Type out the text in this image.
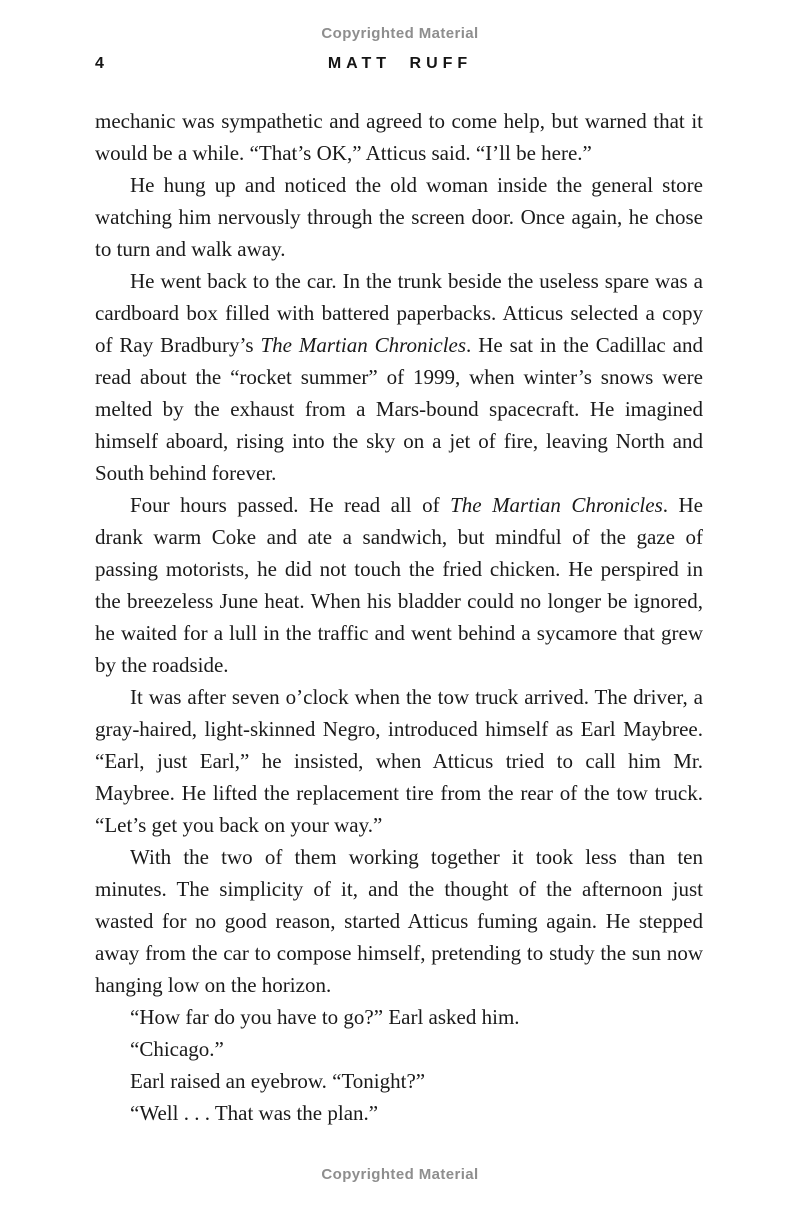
Copyrighted Material
4	MATT RUFF

mechanic was sympathetic and agreed to come help, but warned that it would be a while. “That’s OK,” Atticus said. “I’ll be here.”

He hung up and noticed the old woman inside the general store watching him nervously through the screen door. Once again, he chose to turn and walk away.

He went back to the car. In the trunk beside the useless spare was a cardboard box filled with battered paperbacks. Atticus selected a copy of Ray Bradbury’s The Martian Chronicles. He sat in the Cadillac and read about the “rocket summer” of 1999, when winter’s snows were melted by the exhaust from a Mars-bound spacecraft. He imagined himself aboard, rising into the sky on a jet of fire, leaving North and South behind forever.

Four hours passed. He read all of The Martian Chronicles. He drank warm Coke and ate a sandwich, but mindful of the gaze of passing motorists, he did not touch the fried chicken. He perspired in the breezeless June heat. When his bladder could no longer be ignored, he waited for a lull in the traffic and went behind a sycamore that grew by the roadside.

It was after seven o’clock when the tow truck arrived. The driver, a gray-haired, light-skinned Negro, introduced himself as Earl Maybree. “Earl, just Earl,” he insisted, when Atticus tried to call him Mr. Maybree. He lifted the replacement tire from the rear of the tow truck. “Let’s get you back on your way.”

With the two of them working together it took less than ten minutes. The simplicity of it, and the thought of the afternoon just wasted for no good reason, started Atticus fuming again. He stepped away from the car to compose himself, pretending to study the sun now hanging low on the horizon.

“How far do you have to go?” Earl asked him.

“Chicago.”

Earl raised an eyebrow. “Tonight?”

“Well . . . That was the plan.”

Copyrighted Material
